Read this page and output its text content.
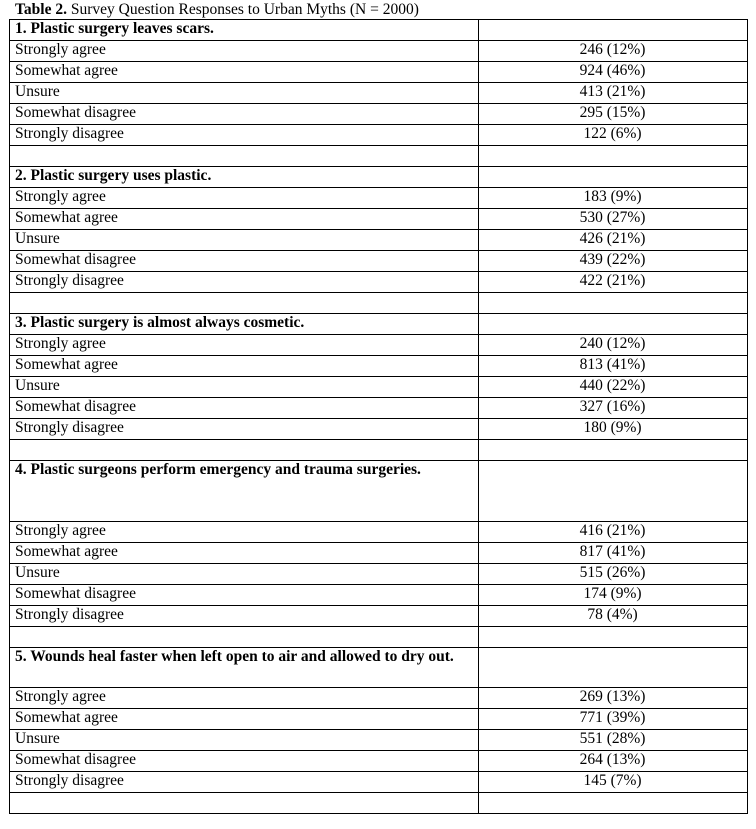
Table 2. Survey Question Responses to Urban Myths (N = 2000)
1. Plastic surgery leaves scars.	
Strongly agree	246 (12%)
Somewhat agree	924 (46%)
Unsure	413 (21%)
Somewhat disagree	295 (15%)
Strongly disagree	122 (6%)

2. Plastic surgery uses plastic.	
Strongly agree	183 (9%)
Somewhat agree	530 (27%)
Unsure	426 (21%)
Somewhat disagree	439 (22%)
Strongly disagree	422 (21%)

3. Plastic surgery is almost always cosmetic.	
Strongly agree	240 (12%)
Somewhat agree	813 (41%)
Unsure	440 (22%)
Somewhat disagree	327 (16%)
Strongly disagree	180 (9%)

4. Plastic surgeons perform emergency and trauma surgeries.	
Strongly agree	416 (21%)
Somewhat agree	817 (41%)
Unsure	515 (26%)
Somewhat disagree	174 (9%)
Strongly disagree	78 (4%)

5. Wounds heal faster when left open to air and allowed to dry out.	
Strongly agree	269 (13%)
Somewhat agree	771 (39%)
Unsure	551 (28%)
Somewhat disagree	264 (13%)
Strongly disagree	145 (7%)
